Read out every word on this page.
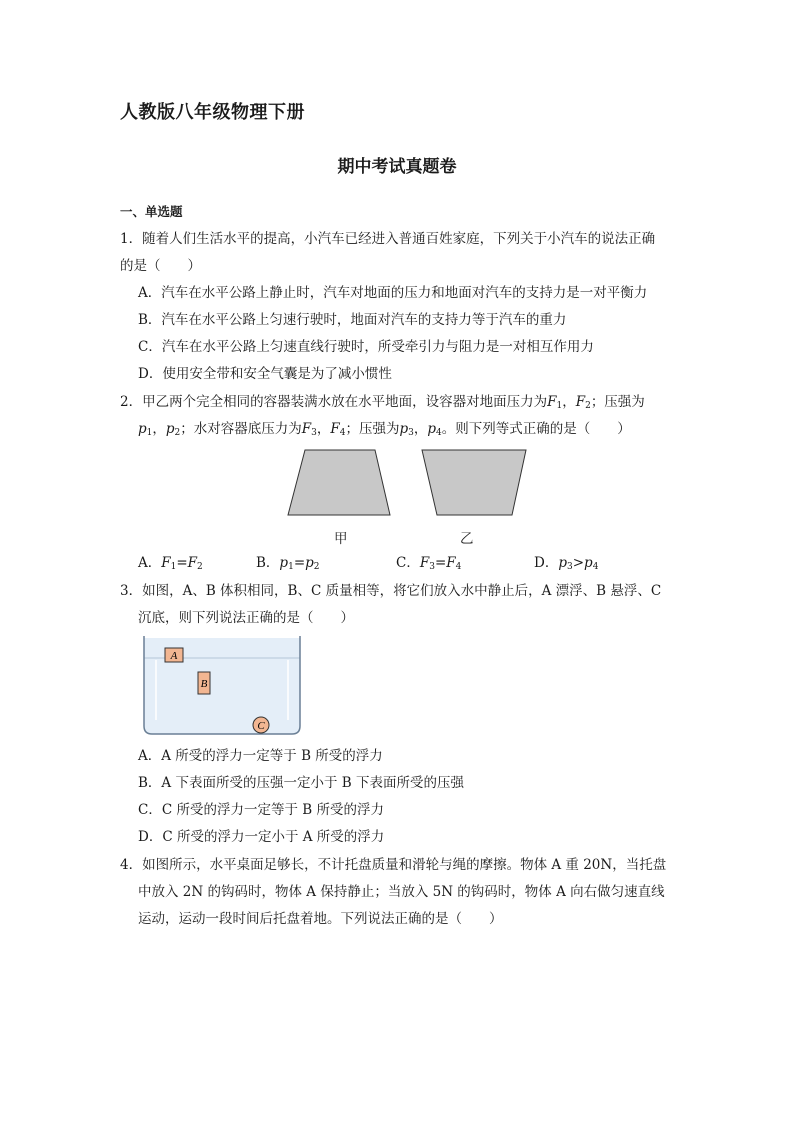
人教版八年级物理下册
期中考试真题卷
一、单选题
1．随着人们生活水平的提高，小汽车已经进入普通百姓家庭，下列关于小汽车的说法正确
的是（　　）
A．汽车在水平公路上静止时，汽车对地面的压力和地面对汽车的支持力是一对平衡力
B．汽车在水平公路上匀速行驶时，地面对汽车的支持力等于汽车的重力
C．汽车在水平公路上匀速直线行驶时，所受牵引力与阻力是一对相互作用力
D．使用安全带和安全气囊是为了减小惯性
2．甲乙两个完全相同的容器装满水放在水平地面，设容器对地面压力为$F_1$，$F_2$；压强为
$p_1$，$p_2$；水对容器底压力为$F_3$，$F_4$；压强为$p_3$，$p_4$。则下列等式正确的是（　　）
甲	乙
A．$F_1=F_2$	B．$p_1=p_2$	C．$F_3=F_4$	D．$p_3>p_4$
3．如图，A、B 体积相同，B、C 质量相等，将它们放入水中静止后，A 漂浮、B 悬浮、C
沉底，则下列说法正确的是（　　）
A
B
C
A．A 所受的浮力一定等于 B 所受的浮力
B．A 下表面所受的压强一定小于 B 下表面所受的压强
C．C 所受的浮力一定等于 B 所受的浮力
D．C 所受的浮力一定小于 A 所受的浮力
4．如图所示，水平桌面足够长，不计托盘质量和滑轮与绳的摩擦。物体 A 重 20N，当托盘
中放入 2N 的钩码时，物体 A 保持静止；当放入 5N 的钩码时，物体 A 向右做匀速直线
运动，运动一段时间后托盘着地。下列说法正确的是（　　）
